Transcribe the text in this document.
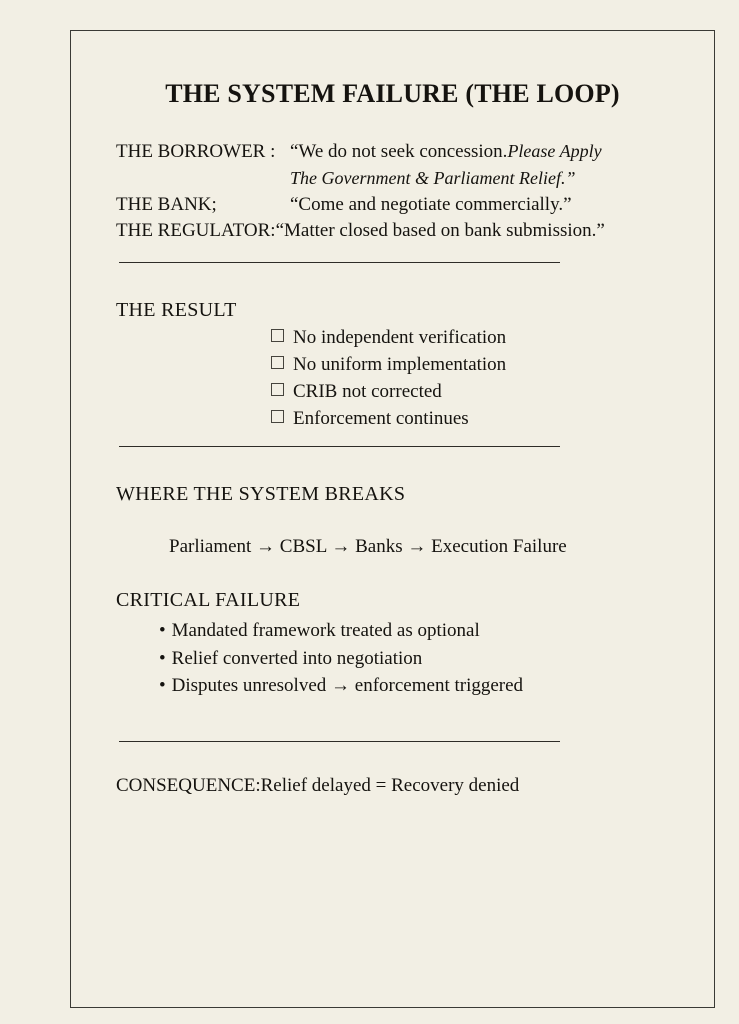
THE SYSTEM FAILURE (THE LOOP)
THE BORROWER : “We do not seek concession. Please Apply
The Government & Parliament Relief.”
THE BANK;	“Come and negotiate commercially.”
THE REGULATOR: “Matter closed based on bank submission.”
THE RESULT
No independent verification
No uniform implementation
CRIB not corrected
Enforcement continues
WHERE THE SYSTEM BREAKS
Parliament → CBSL → Banks → Execution Failure
CRITICAL FAILURE
• Mandated framework treated as optional
• Relief converted into negotiation
• Disputes unresolved → enforcement triggered
CONSEQUENCE:Relief delayed = Recovery denied
